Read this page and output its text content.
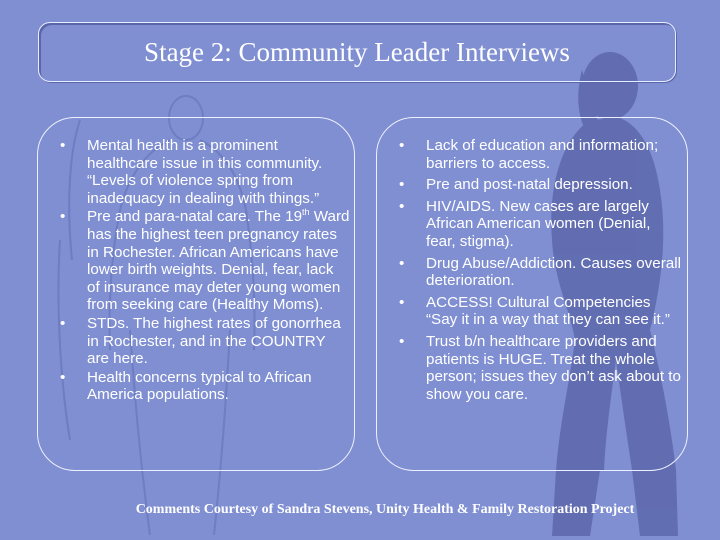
Stage 2: Community Leader Interviews
• Mental health is a prominent healthcare issue in this community. “Levels of violence spring from inadequacy in dealing with things.”
• Pre and para-natal care. The 19th Ward has the highest teen pregnancy rates in Rochester. African Americans have lower birth weights. Denial, fear, lack of insurance may deter young women from seeking care (Healthy Moms).
• STDs. The highest rates of gonorrhea in Rochester, and in the COUNTRY are here.
• Health concerns typical to African America populations.
• Lack of education and information; barriers to access.
• Pre and post-natal depression.
• HIV/AIDS. New cases are largely African American women (Denial, fear, stigma).
• Drug Abuse/Addiction. Causes overall deterioration.
• ACCESS! Cultural Competencies “Say it in a way that they can see it.”
• Trust b/n healthcare providers and patients is HUGE. Treat the whole person; issues they don’t ask about to show you care.
Comments Courtesy of Sandra Stevens, Unity Health & Family Restoration Project
